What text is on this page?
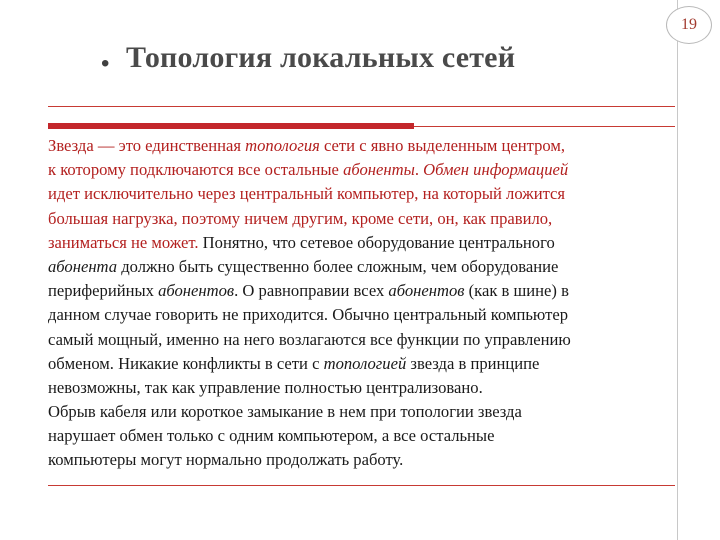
19
• Топология локальных сетей
Звезда — это единственная топология сети с явно выделенным центром,
к которому подключаются все остальные абоненты. Обмен информацией
идет исключительно через центральный компьютер, на который ложится
большая нагрузка, поэтому ничем другим, кроме сети, он, как правило,
заниматься не может. Понятно, что сетевое оборудование центрального
абонента должно быть существенно более сложным, чем оборудование
периферийных абонентов. О равноправии всех абонентов (как в шине) в
данном случае говорить не приходится. Обычно центральный компьютер
самый мощный, именно на него возлагаются все функции по управлению
обменом. Никакие конфликты в сети с топологией звезда в принципе
невозможны, так как управление полностью централизовано.
Обрыв кабеля или короткое замыкание в нем при топологии звезда
нарушает обмен только с одним компьютером, а все остальные
компьютеры могут нормально продолжать работу.
